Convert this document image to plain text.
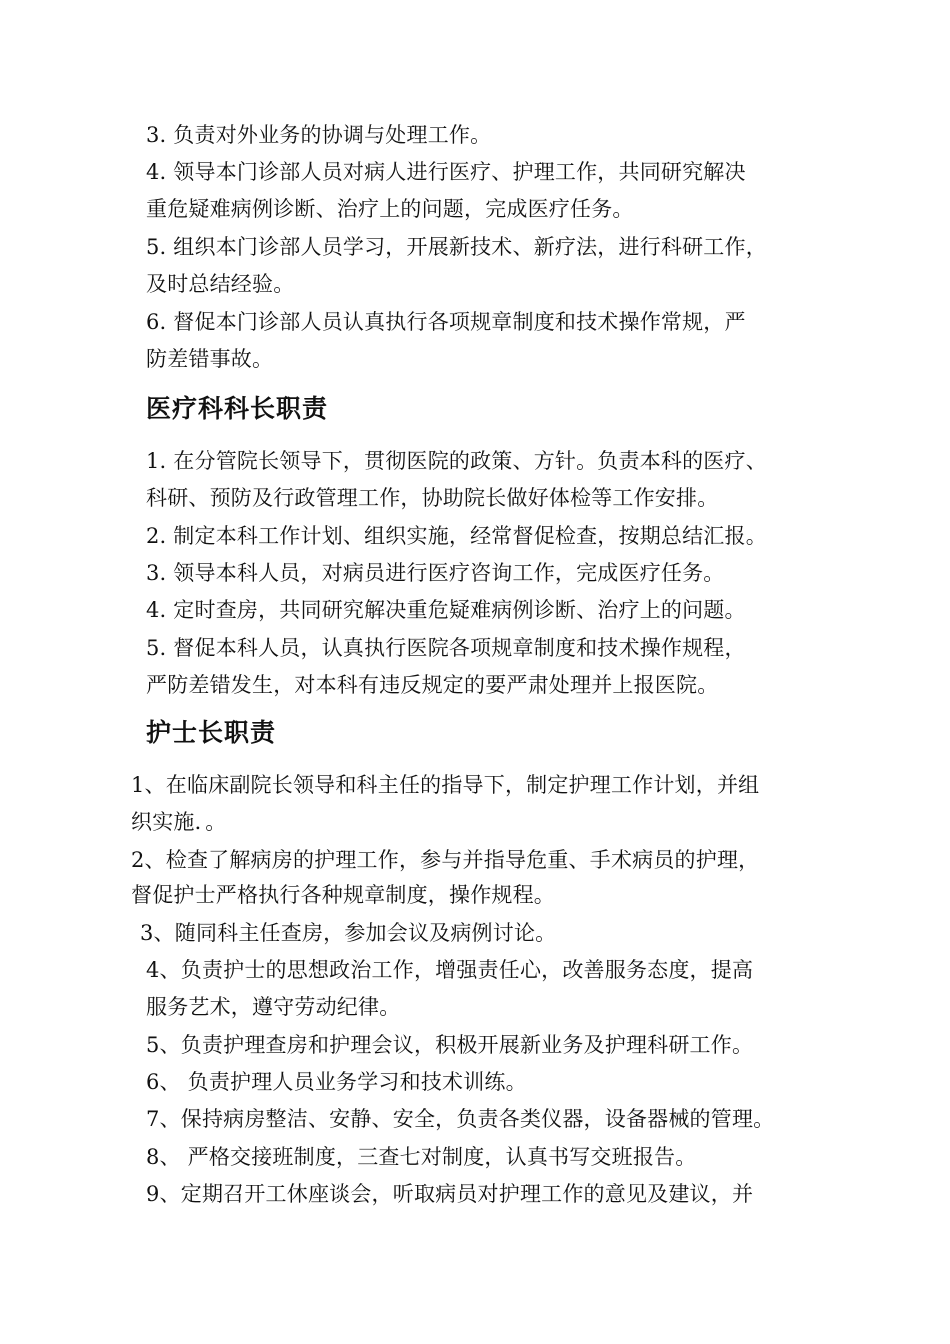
3. 负责对外业务的协调与处理工作。
4. 领导本门诊部人员对病人进行医疗、护理工作，共同研究解决
重危疑难病例诊断、治疗上的问题，完成医疗任务。
5. 组织本门诊部人员学习，开展新技术、新疗法，进行科研工作，
及时总结经验。
6. 督促本门诊部人员认真执行各项规章制度和技术操作常规，严
防差错事故。
医疗科科长职责
1. 在分管院长领导下，贯彻医院的政策、方针。负责本科的医疗、
科研、预防及行政管理工作，协助院长做好体检等工作安排。
2. 制定本科工作计划、组织实施，经常督促检查，按期总结汇报。
3. 领导本科人员，对病员进行医疗咨询工作，完成医疗任务。
4. 定时查房，共同研究解决重危疑难病例诊断、治疗上的问题。
5. 督促本科人员，认真执行医院各项规章制度和技术操作规程，
严防差错发生，对本科有违反规定的要严肃处理并上报医院。
护士长职责
1、在临床副院长领导和科主任的指导下，制定护理工作计划，并组
织实施．。
2、检查了解病房的护理工作，参与并指导危重、手术病员的护理，
督促护士严格执行各种规章制度，操作规程。
3、随同科主任查房，参加会议及病例讨论。
4、负责护士的思想政治工作，增强责任心，改善服务态度，提高
服务艺术，遵守劳动纪律。
5、负责护理查房和护理会议，积极开展新业务及护理科研工作。
6、 负责护理人员业务学习和技术训练。
7、保持病房整洁、安静、安全，负责各类仪器，设备器械的管理。
8、 严格交接班制度，三查七对制度，认真书写交班报告。
9、定期召开工休座谈会，听取病员对护理工作的意见及建议，并
